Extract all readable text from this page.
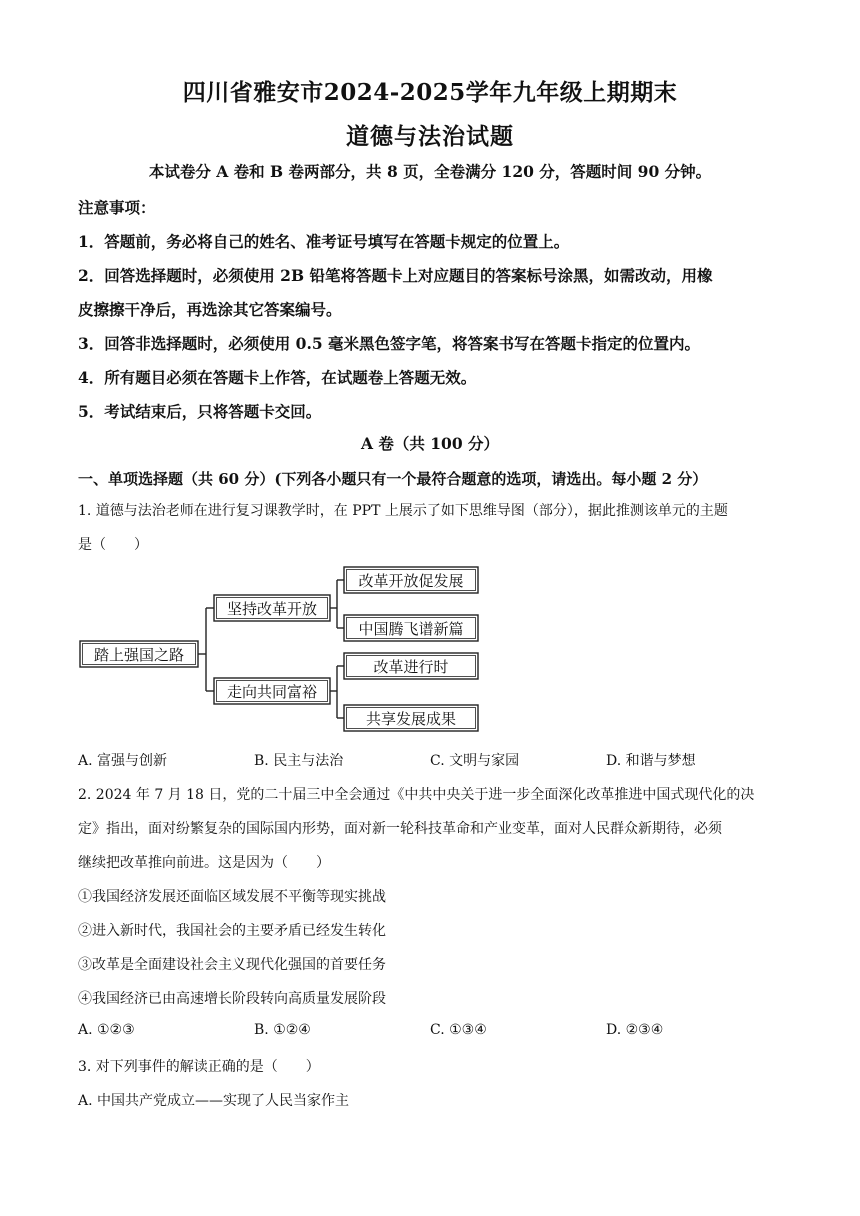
四川省雅安市2024-2025学年九年级上期期末
道德与法治试题
本试卷分 A 卷和 B 卷两部分，共 8 页，全卷满分 120 分，答题时间 90 分钟。
注意事项：
1．答题前，务必将自己的姓名、准考证号填写在答题卡规定的位置上。
2．回答选择题时，必须使用 2B 铅笔将答题卡上对应题目的答案标号涂黑，如需改动，用橡
皮擦擦干净后，再选涂其它答案编号。
3．回答非选择题时，必须使用 0.5 毫米黑色签字笔，将答案书写在答题卡指定的位置内。
4．所有题目必须在答题卡上作答，在试题卷上答题无效。
5．考试结束后，只将答题卡交回。
A 卷（共 100 分）
一、单项选择题（共 60 分）(下列各小题只有一个最符合题意的选项，请选出。每小题 2 分）
1. 道德与法治老师在进行复习课教学时，在 PPT 上展示了如下思维导图（部分），据此推测该单元的主题
是（　　）
踏上强国之路
坚持改革开放
走向共同富裕
改革开放促发展
中国腾飞谱新篇
改革进行时
共享发展成果
A. 富强与创新	B. 民主与法治	C. 文明与家园	D. 和谐与梦想
2. 2024 年 7 月 18 日，党的二十届三中全会通过《中共中央关于进一步全面深化改革推进中国式现代化的决
定》指出，面对纷繁复杂的国际国内形势，面对新一轮科技革命和产业变革，面对人民群众新期待，必须
继续把改革推向前进。这是因为（　　）
①我国经济发展还面临区域发展不平衡等现实挑战
②进入新时代，我国社会的主要矛盾已经发生转化
③改革是全面建设社会主义现代化强国的首要任务
④我国经济已由高速增长阶段转向高质量发展阶段
A. ①②③	B. ①②④	C. ①③④	D. ②③④
3. 对下列事件的解读正确的是（　　）
A. 中国共产党成立——实现了人民当家作主
